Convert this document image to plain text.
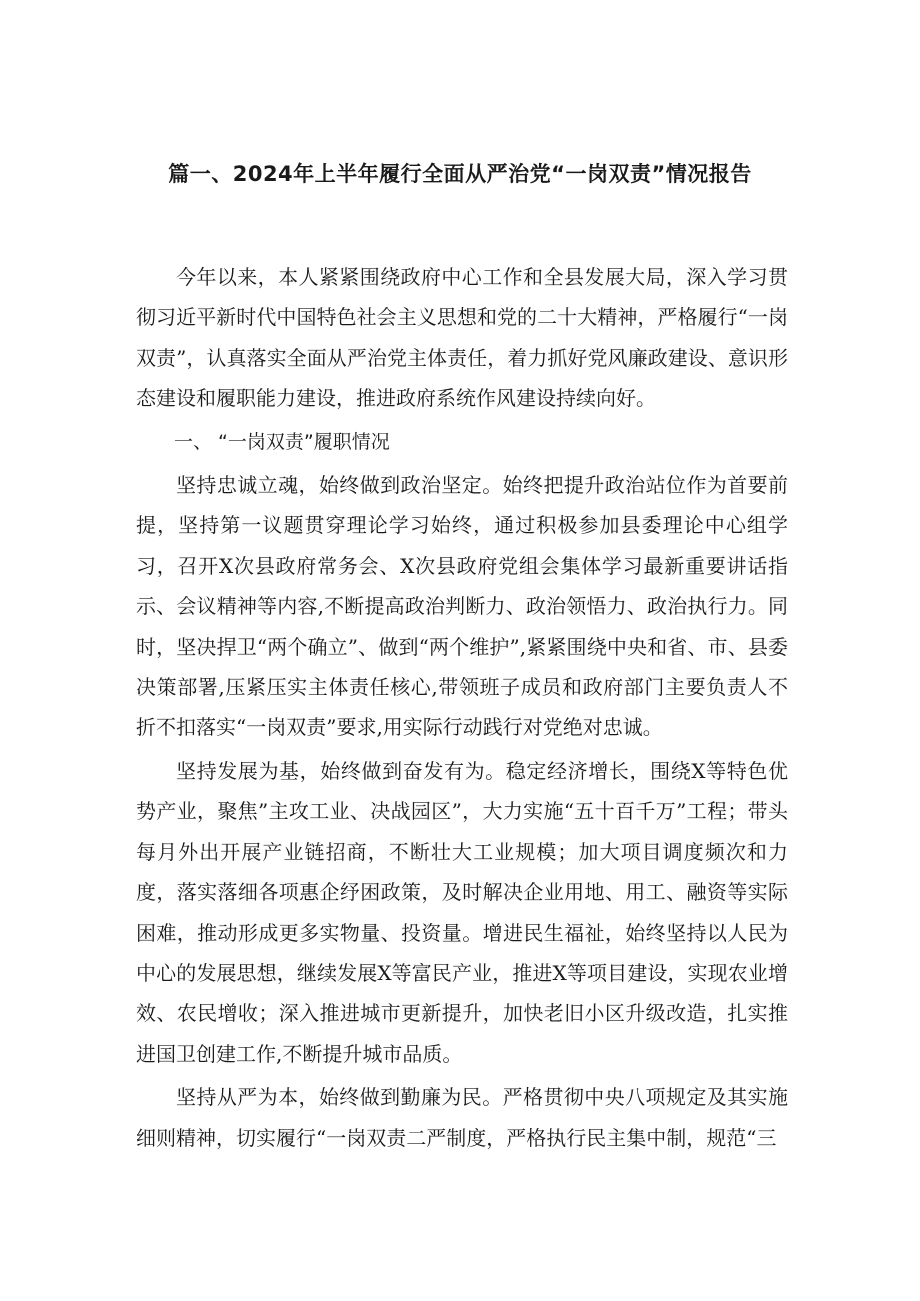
篇一、2024年上半年履行全面从严治党“一岗双责”情况报告

今年以来，本人紧紧围绕政府中心工作和全县发展大局，深入学习贯彻习近平新时代中国特色社会主义思想和党的二十大精神，严格履行“一岗双责”，认真落实全面从严治党主体责任，着力抓好党风廉政建设、意识形态建设和履职能力建设，推进政府系统作风建设持续向好。

一、 “一岗双责”履职情况

坚持忠诚立魂，始终做到政治坚定。始终把提升政治站位作为首要前提，坚持第一议题贯穿理论学习始终，通过积极参加县委理论中心组学习，召开X次县政府常务会、X次县政府党组会集体学习最新重要讲话指示、会议精神等内容,不断提高政治判断力、政治领悟力、政治执行力。同时，坚决捍卫“两个确立”、做到“两个维护”,紧紧围绕中央和省、市、县委决策部署,压紧压实主体责任核心,带领班子成员和政府部门主要负责人不折不扣落实“一岗双责”要求,用实际行动践行对党绝对忠诚。

坚持发展为基，始终做到奋发有为。稳定经济增长，围绕X等特色优势产业，聚焦”主攻工业、决战园区”，大力实施“五十百千万”工程；带头每月外出开展产业链招商，不断壮大工业规模；加大项目调度频次和力度，落实落细各项惠企纾困政策，及时解决企业用地、用工、融资等实际困难，推动形成更多实物量、投资量。增进民生福祉，始终坚持以人民为中心的发展思想，继续发展X等富民产业，推进X等项目建设，实现农业增效、农民增收；深入推进城市更新提升，加快老旧小区升级改造，扎实推进国卫创建工作,不断提升城市品质。

坚持从严为本，始终做到勤廉为民。严格贯彻中央八项规定及其实施细则精神，切实履行“一岗双责二严制度，严格执行民主集中制，规范“三
